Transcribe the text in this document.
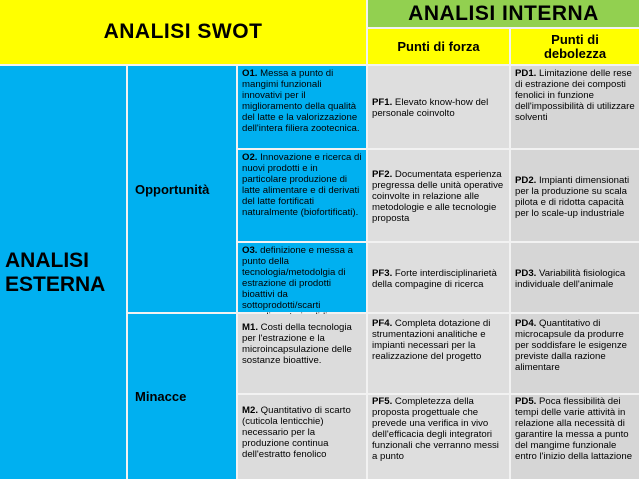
ANALISI SWOT
ANALISI INTERNA
Punti di forza	Punti di
debolezza
ANALISI
ESTERNA
Opportunità
Minacce
O1. Messa a punto di mangimi funzionali innovativi per il miglioramento della qualità del latte e la valorizzazione dell'intera filiera zootecnica.
PF1. Elevato know-how del personale coinvolto
PD1. Limitazione delle rese di estrazione dei composti fenolici in funzione dell'impossibilità di utilizzare solventi
O2. Innovazione e ricerca di nuovi prodotti e in particolare produzione di latte alimentare e di derivati del latte fortificati naturalmente (biofortificati).
PF2. Documentata esperienza pregressa delle unità operative coinvolte in relazione alle metodologie e alle tecnologie proposta
PD2. Impianti dimensionati per la produzione su scala pilota e di ridotta capacità per lo scale-up industriale
O3. definizione e messa a punto della tecnologia/metodolgia di estrazione di prodotti bioattivi da sottoprodotti/scarti
PF3. Forte interdisciplinarietà della compagine di ricerca
PD3. Variabilità fisiologica individuale dell'animale
M1. Costi della tecnologia per l'estrazione e la microincapsulazione delle sostanze bioattive.
PF4. Completa dotazione di strumentazioni analitiche e impianti necessari per la realizzazione del progetto
PD4. Quantitativo di microcapsule da produrre per soddisfare le esigenze previste dalla razione alimentare
M2. Quantitativo di scarto (cuticola lenticchie) necessario per la produzione continua dell'estratto fenolico
PF5. Completezza della proposta progettuale che prevede una verifica in vivo dell'efficacia degli integratori funzionali che verranno messi a punto
PD5. Poca flessibilità dei tempi delle varie attività in relazione alla necessità di garantire la messa a punto del mangime funzionale entro l'inizio della lattazione
